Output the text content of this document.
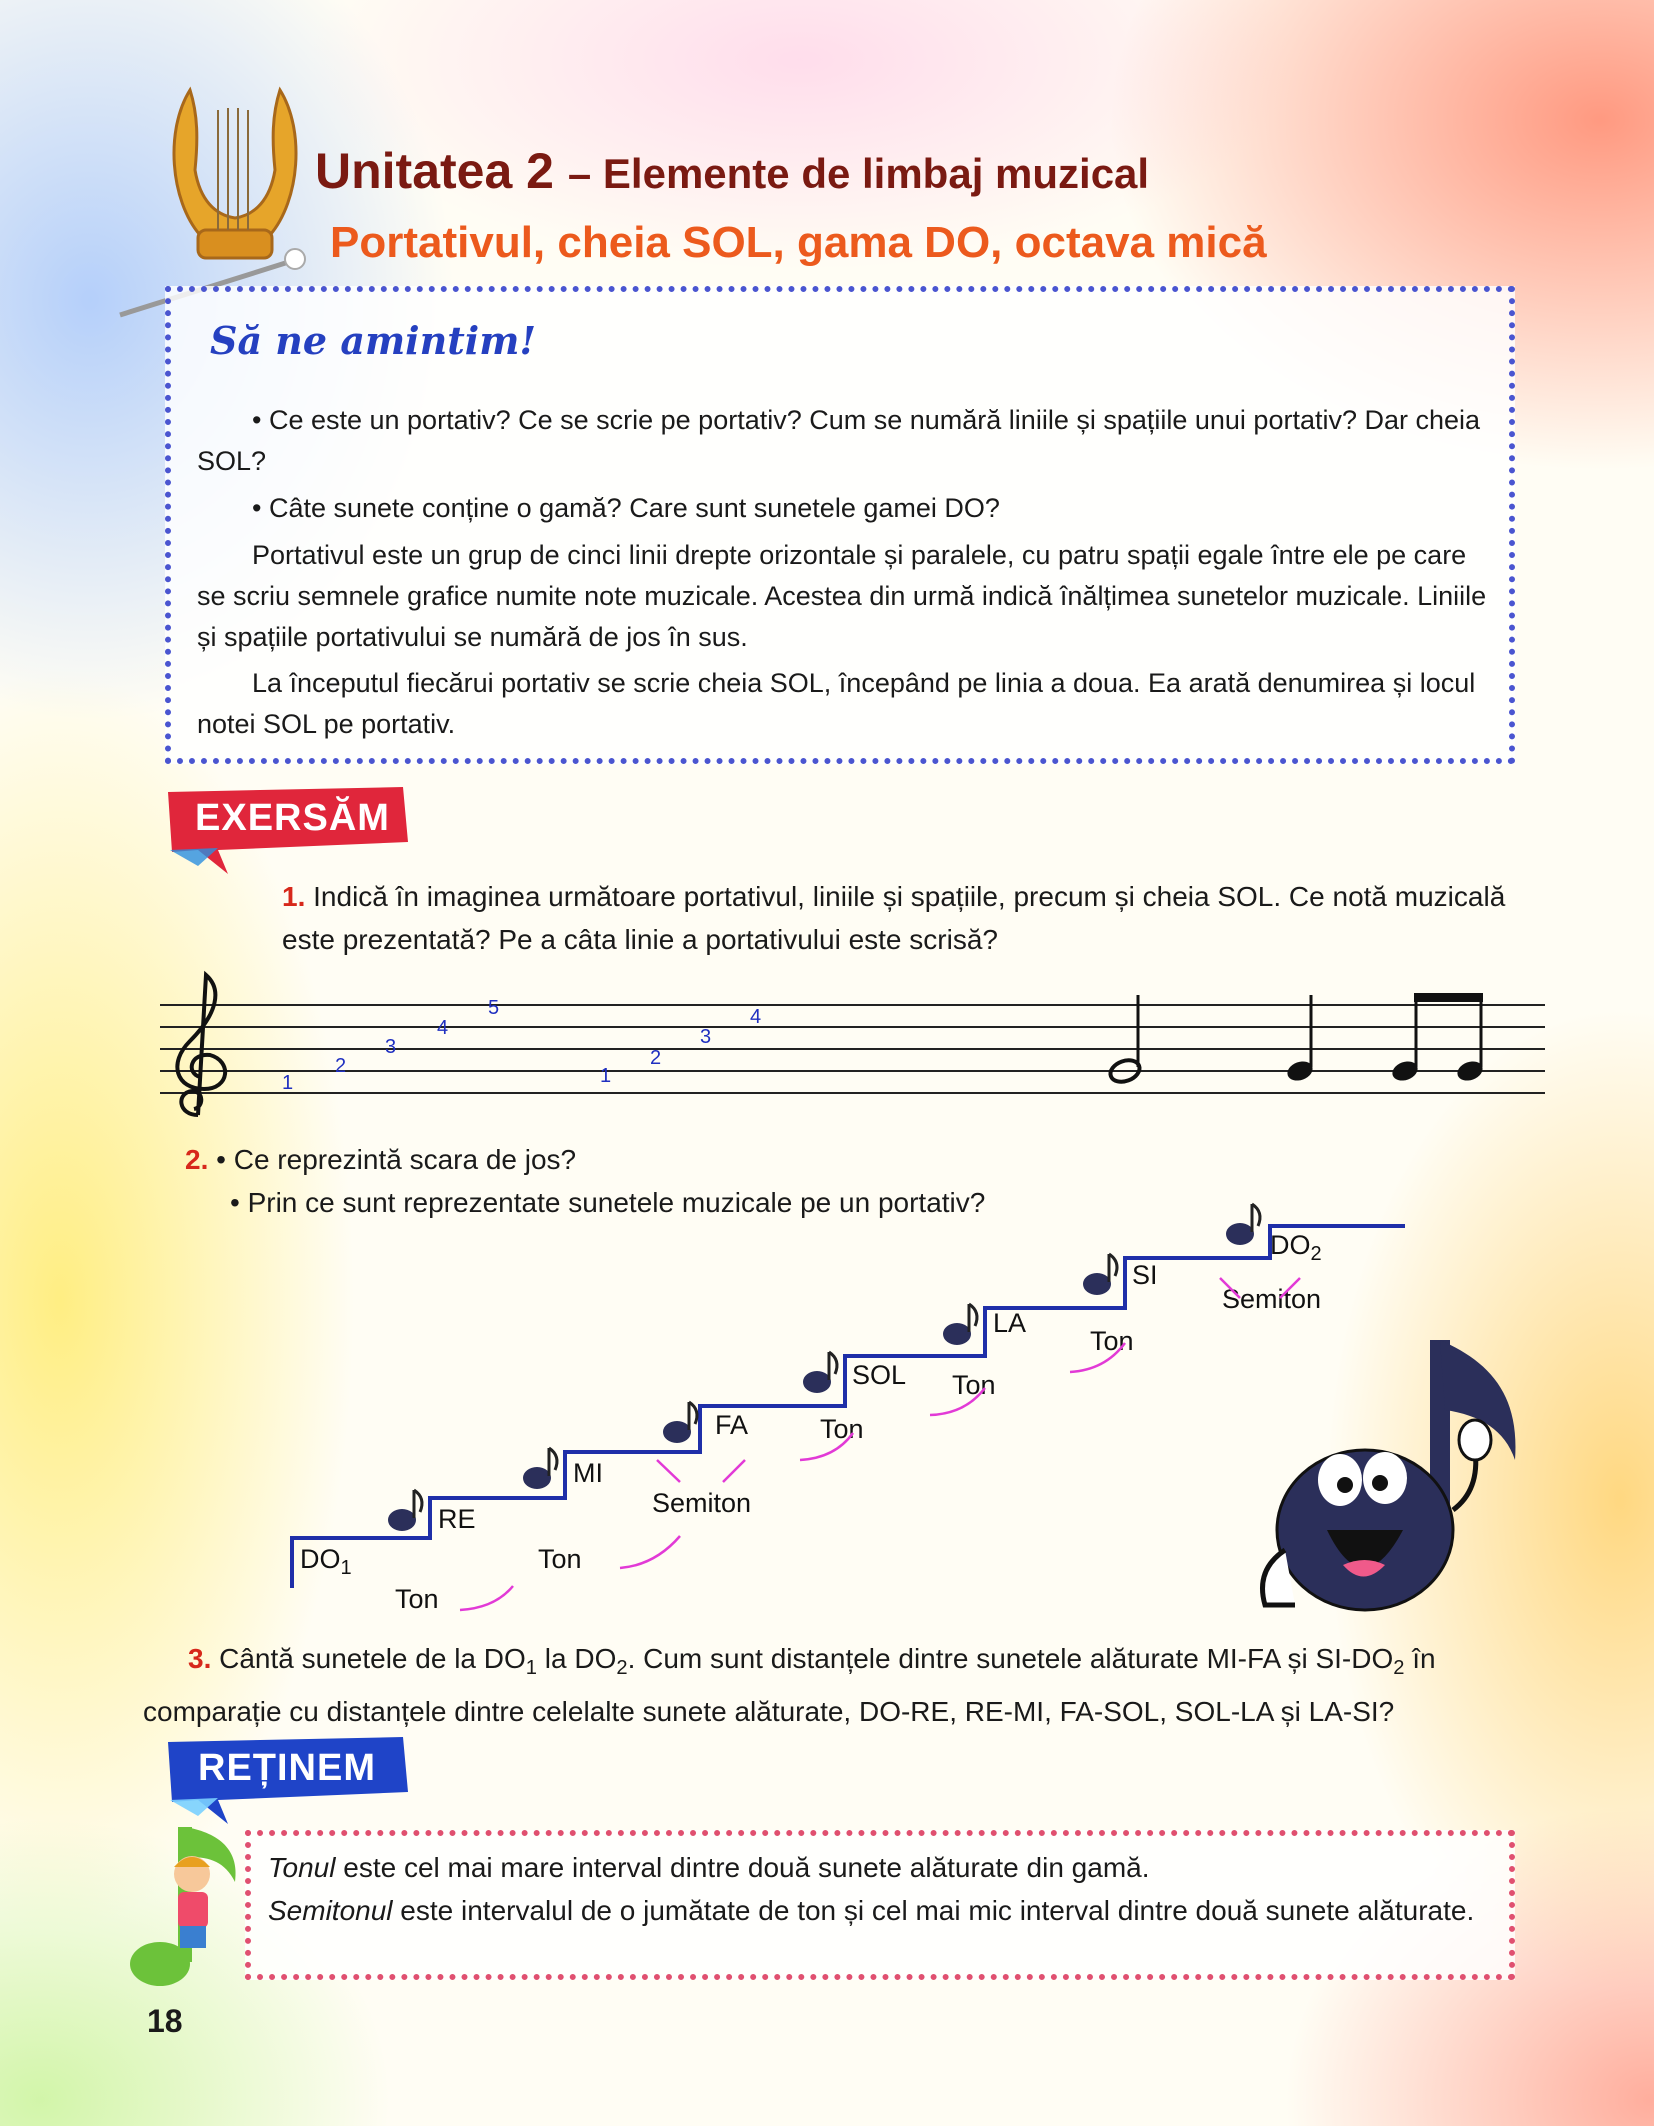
Unitatea 2 – Elemente de limbaj muzical
Portativul, cheia SOL, gama DO, octava mică
Să ne amintim!
• Ce este un portativ? Ce se scrie pe portativ? Cum se numără liniile și spațiile unui portativ? Dar cheia SOL?
• Câte sunete conține o gamă? Care sunt sunetele gamei DO?
Portativul este un grup de cinci linii drepte orizontale și paralele, cu patru spații egale între ele pe care se scriu semnele grafice numite note muzicale. Acestea din urmă indică înălțimea sunetelor muzicale. Liniile și spațiile portativului se numără de jos în sus.
La începutul fiecărui portativ se scrie cheia SOL, începând pe linia a doua. Ea arată denumirea și locul notei SOL pe portativ.
EXERSĂM
1. Indică în imaginea următoare portativul, liniile și spațiile, precum și cheia SOL. Ce notă muzicală este prezentată? Pe a câta linie a portativului este scrisă?
1
2
3
4
5
1
2
3
4
2. • Ce reprezintă scara de jos?
• Prin ce sunt reprezentate sunetele muzicale pe un portativ?
$DO_1$
RE
MI
FA
SOL
LA
SI
$DO_2$
Ton
Ton
Semiton
Ton
Ton
Ton
Semiton
3. Cântă sunetele de la $DO_1$ la $DO_2$. Cum sunt distanțele dintre sunetele alăturate MI-FA și $SI-DO_2$ în comparație cu distanțele dintre celelalte sunete alăturate, DO-RE, RE-MI, FA-SOL, SOL-LA și LA-SI?
REȚINEM
Tonul este cel mai mare interval dintre două sunete alăturate din gamă.
Semitonul este intervalul de o jumătate de ton și cel mai mic interval dintre două sunete alăturate.
18
